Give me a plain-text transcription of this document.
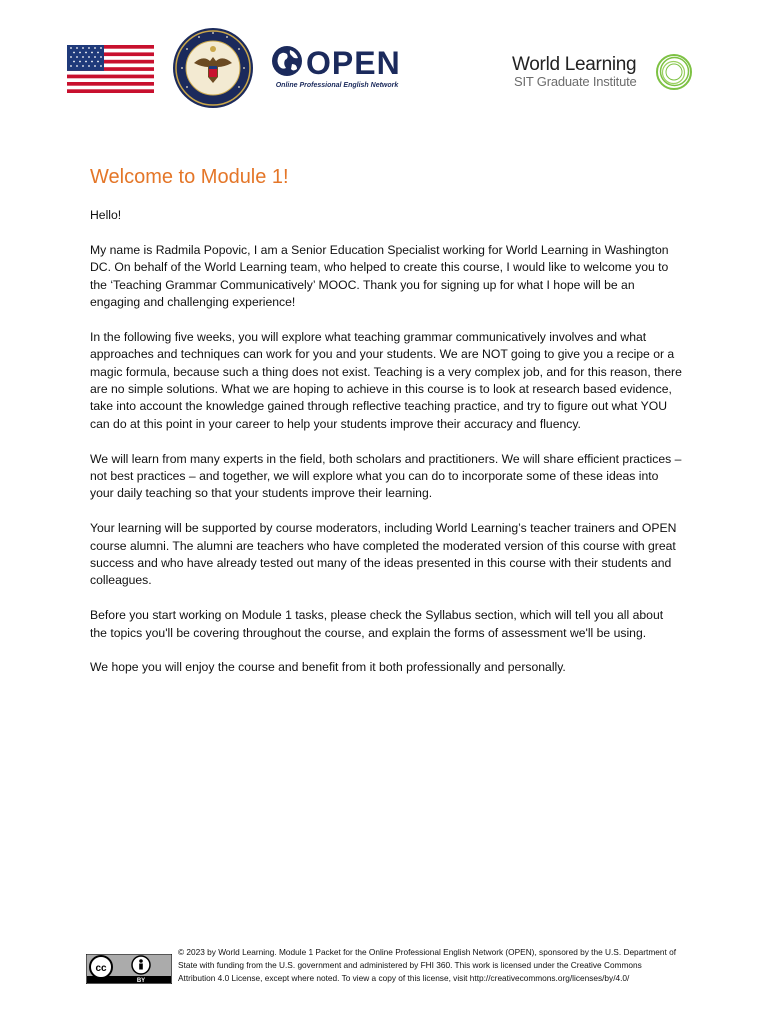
OPEN
Online Professional English Network
World Learning
SIT Graduate Institute
Welcome to Module 1!

Hello!

My name is Radmila Popovic, I am a Senior Education Specialist working for World Learning in Washington DC. On behalf of the World Learning team, who helped to create this course, I would like to welcome you to the ‘Teaching Grammar Communicatively’ MOOC. Thank you for signing up for what I hope will be an engaging and challenging experience!

In the following five weeks, you will explore what teaching grammar communicatively involves and what approaches and techniques can work for you and your students. We are NOT going to give you a recipe or a magic formula, because such a thing does not exist. Teaching is a very complex job, and for this reason, there are no simple solutions. What we are hoping to achieve in this course is to look at research based evidence, take into account the knowledge gained through reflective teaching practice, and try to figure out what YOU can do at this point in your career to help your students improve their accuracy and fluency.

We will learn from many experts in the field, both scholars and practitioners. We will share efficient practices – not best practices – and together, we will explore what you can do to incorporate some of these ideas into your daily teaching so that your students improve their learning.

Your learning will be supported by course moderators, including World Learning’s teacher trainers and OPEN course alumni. The alumni are teachers who have completed the moderated version of this course with great success and who have already tested out many of the ideas presented in this course with their students and colleagues.

Before you start working on Module 1 tasks, please check the Syllabus section, which will tell you all about the topics you'll be covering throughout the course, and explain the forms of assessment we'll be using.

We hope you will enjoy the course and benefit from it both professionally and personally.

cc
BY
© 2023 by World Learning. Module 1 Packet for the Online Professional English Network (OPEN), sponsored by the U.S. Department of State with funding from the U.S. government and administered by FHI 360. This work is licensed under the Creative Commons Attribution 4.0 License, except where noted. To view a copy of this license, visit http://creativecommons.org/licenses/by/4.0/
